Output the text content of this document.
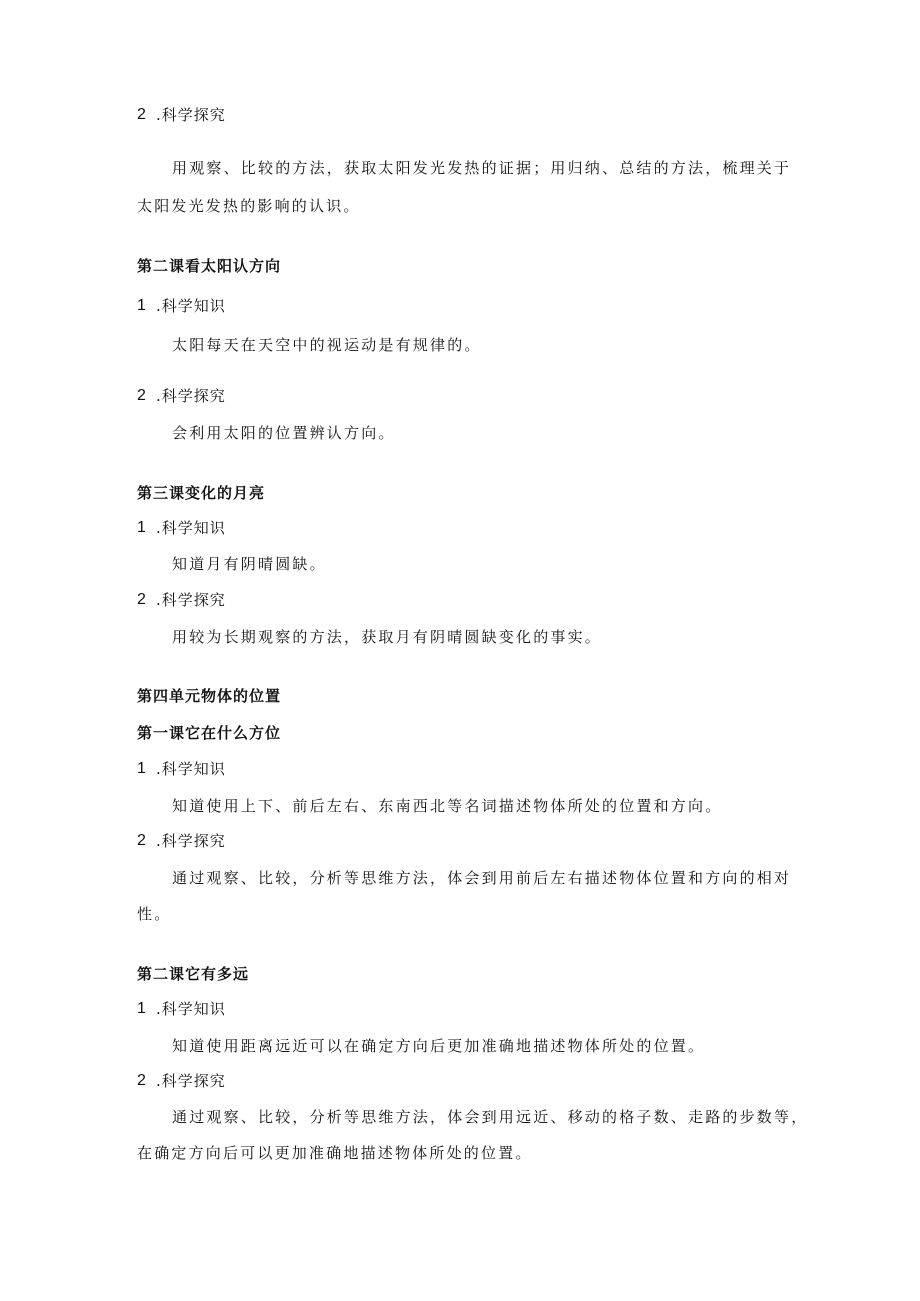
2 .科学探究
用观察、比较的方法，获取太阳发光发热的证据；用归纳、总结的方法，梳理关于
太阳发光发热的影响的认识。
第二课看太阳认方向
1 .科学知识
太阳每天在天空中的视运动是有规律的。
2 .科学探究
会利用太阳的位置辨认方向。
第三课变化的月亮
1 .科学知识
知道月有阴晴圆缺。
2 .科学探究
用较为长期观察的方法，获取月有阴晴圆缺变化的事实。
第四单元物体的位置
第一课它在什么方位
1 .科学知识
知道使用上下、前后左右、东南西北等名词描述物体所处的位置和方向。
2 .科学探究
通过观察、比较，分析等思维方法，体会到用前后左右描述物体位置和方向的相对
性。
第二课它有多远
1 .科学知识
知道使用距离远近可以在确定方向后更加准确地描述物体所处的位置。
2 .科学探究
通过观察、比较，分析等思维方法，体会到用远近、移动的格子数、走路的步数等，
在确定方向后可以更加准确地描述物体所处的位置。
